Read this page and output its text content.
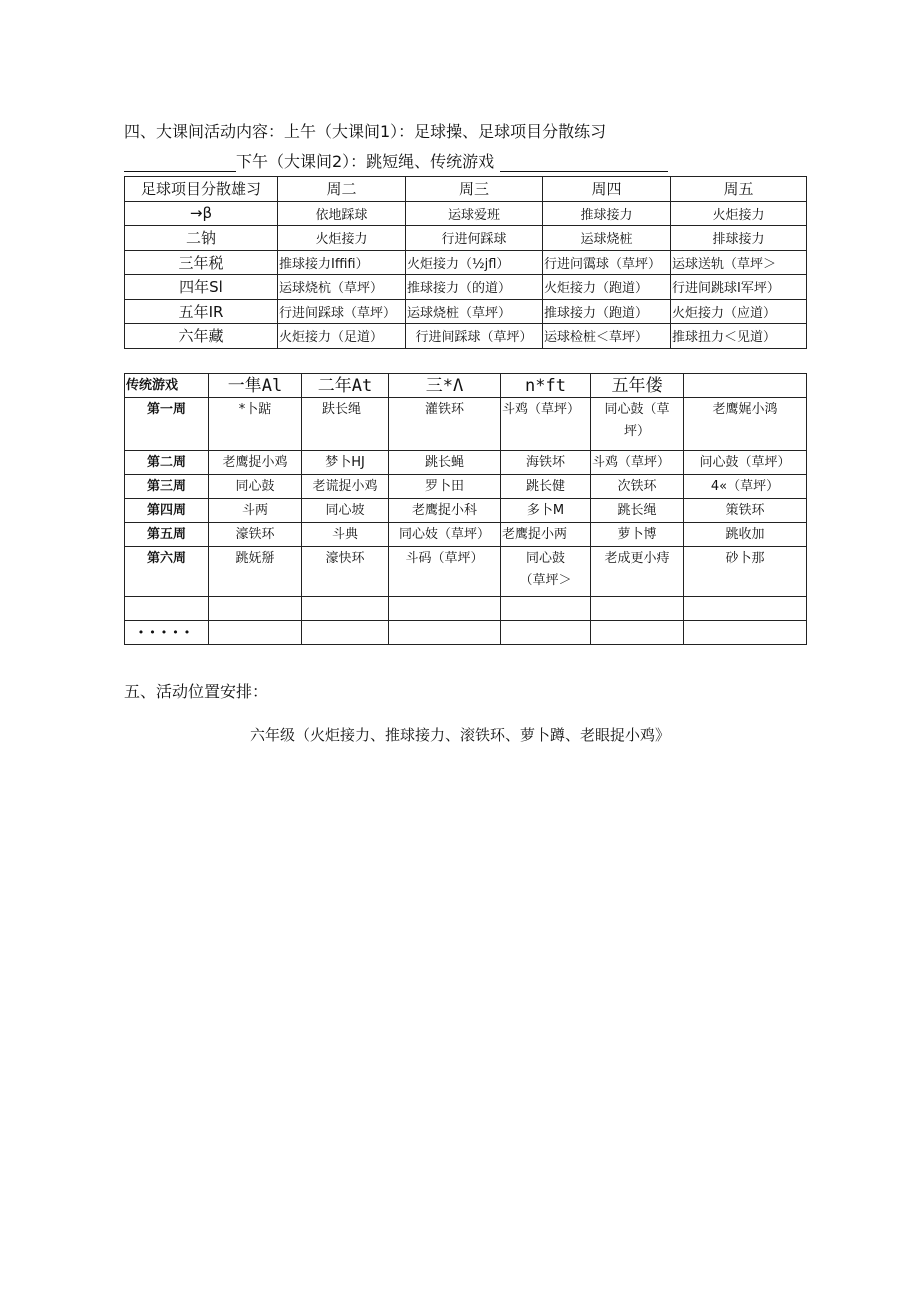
四、大课间活动内容：上午（大课间1）：足球操、足球项目分散练习
下午（大课间2）：跳短绳、传统游戏
足球项目分散雄习	周二	周三	周四	周五
→β	依地踩球	运球爱班	推球接力	火炬接力
二钠	火炬接力	行进何踩球	运球烧桩	排球接力
三年税	推球接力Iffifi）	火炬接力（½jfl）	行进问霭球（草坪）	运球送轨（草坪＞
四年Sl	运球烧杭（草坪）	推球接力（的道）	火炬接力（跑道）	行进间跳球I军坪）
五年IR	行进间踩球（草坪）	运球烧桩（草坪）	推球接力（跑道）	火炬接力（应道）
六年藏	火炬接力（足道）	行进间踩球（草坪）	运球检桩＜草坪）	推球扭力＜见道）
传统游戏	一隼Al	二年At	三*Λ	n*ft	五年偻	
第一周	*卜踮	趺长绳	灌铁环	斗鸡（草坪）	同心鼓（草坪）	老鹰娓小鸿
第二周	老鹰捉小鸡	梦卜HJ	跳长蝇	海铁坏	斗鸡（草坪）	问心鼓（草坪）
第三周	同心鼓	老谎捉小鸡	罗卜田	跳长健	次铁环	4«（草坪）
第四周	斗两	同心坡	老鹰捉小科	多卜M	跳长绳	策铁环
第五周	濠铁环	斗典	同心妓（草坪）	老鹰捉小两	萝卜博	跳收加
第六周	跳妩掰	濠快环	斗码（草坪）	同心鼓（草坪＞	老成更小痔	砂卜那

•••••						
五、活动位置安排：
六年级（火炬接力、推球接力、滚铁环、萝卜蹲、老眼捉小鸡》
